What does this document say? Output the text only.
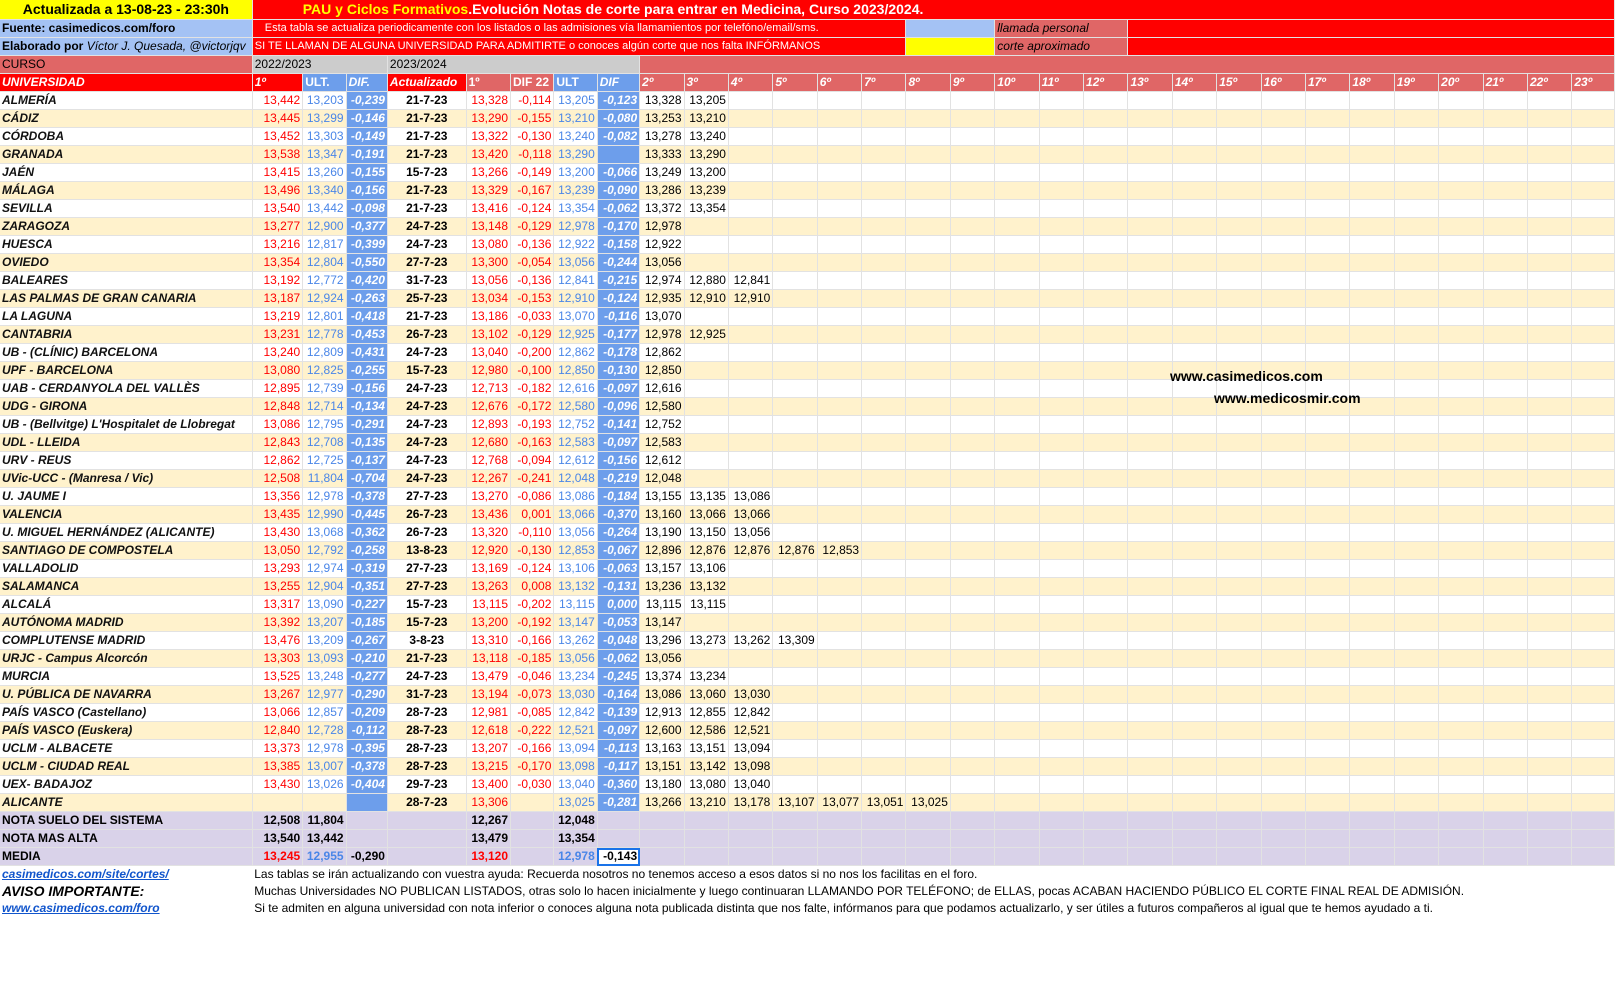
Actualizada a 13-08-23 - 23:30h	PAU y Ciclos Formativos.Evolución Notas de corte para entrar en Medicina, Curso 2023/2024.																													
Fuente: casimedicos.com/foro	Esta tabla se actualiza periodicamente con los listados o las admisiones vía llamamientos por telefóno/email/sms.																llamada personal													
Elaborado por Víctor J. Quesada, @victorjqv	SI TE LLAMAN DE ALGUNA UNIVERSIDAD PARA ADMITIRTE o conoces algún corte que nos falta INFÓRMANOS																corte aproximado													
CURSO	2022/2023			2023/2024																										
UNIVERSIDAD	1º	ULT.	DIF.	Actualizado	1º	DIF 22	ULT	DIF	2º	3º	4º	5º	6º	7º	8º	9º	10º	11º	12º	13º	14º	15º	16º	17º	18º	19º	20º	21º	22º	23º
ALMERÍA	13,442	13,203	-0,239	21-7-23	13,328	-0,114	13,205	-0,123	13,328	13,205																				
CÁDIZ	13,445	13,299	-0,146	21-7-23	13,290	-0,155	13,210	-0,080	13,253	13,210																				
CÓRDOBA	13,452	13,303	-0,149	21-7-23	13,322	-0,130	13,240	-0,082	13,278	13,240																				
GRANADA	13,538	13,347	-0,191	21-7-23	13,420	-0,118	13,290		13,333	13,290																				
JAÉN	13,415	13,260	-0,155	15-7-23	13,266	-0,149	13,200	-0,066	13,249	13,200																				
MÁLAGA	13,496	13,340	-0,156	21-7-23	13,329	-0,167	13,239	-0,090	13,286	13,239																				
SEVILLA	13,540	13,442	-0,098	21-7-23	13,416	-0,124	13,354	-0,062	13,372	13,354																				
ZARAGOZA	13,277	12,900	-0,377	24-7-23	13,148	-0,129	12,978	-0,170	12,978																					
HUESCA	13,216	12,817	-0,399	24-7-23	13,080	-0,136	12,922	-0,158	12,922																					
OVIEDO	13,354	12,804	-0,550	27-7-23	13,300	-0,054	13,056	-0,244	13,056																					
BALEARES	13,192	12,772	-0,420	31-7-23	13,056	-0,136	12,841	-0,215	12,974	12,880	12,841																			
LAS PALMAS DE GRAN CANARIA	13,187	12,924	-0,263	25-7-23	13,034	-0,153	12,910	-0,124	12,935	12,910	12,910																			
LA LAGUNA	13,219	12,801	-0,418	21-7-23	13,186	-0,033	13,070	-0,116	13,070																					
CANTABRIA	13,231	12,778	-0,453	26-7-23	13,102	-0,129	12,925	-0,177	12,978	12,925																				
UB - (CLÍNIC) BARCELONA	13,240	12,809	-0,431	24-7-23	13,040	-0,200	12,862	-0,178	12,862																					
UPF - BARCELONA	13,080	12,825	-0,255	15-7-23	12,980	-0,100	12,850	-0,130	12,850																					
UAB - CERDANYOLA DEL VALLÈS	12,895	12,739	-0,156	24-7-23	12,713	-0,182	12,616	-0,097	12,616																					
UDG - GIRONA	12,848	12,714	-0,134	24-7-23	12,676	-0,172	12,580	-0,096	12,580																					
UB - (Bellvitge) L'Hospitalet de Llobregat	13,086	12,795	-0,291	24-7-23	12,893	-0,193	12,752	-0,141	12,752																					
UDL - LLEIDA	12,843	12,708	-0,135	24-7-23	12,680	-0,163	12,583	-0,097	12,583																					
URV - REUS	12,862	12,725	-0,137	24-7-23	12,768	-0,094	12,612	-0,156	12,612																					
UVic-UCC - (Manresa / Vic)	12,508	11,804	-0,704	24-7-23	12,267	-0,241	12,048	-0,219	12,048																					
U. JAUME I	13,356	12,978	-0,378	27-7-23	13,270	-0,086	13,086	-0,184	13,155	13,135	13,086																			
VALENCIA	13,435	12,990	-0,445	26-7-23	13,436	0,001	13,066	-0,370	13,160	13,066	13,066																			
U. MIGUEL HERNÁNDEZ (ALICANTE)	13,430	13,068	-0,362	26-7-23	13,320	-0,110	13,056	-0,264	13,190	13,150	13,056																			
SANTIAGO DE COMPOSTELA	13,050	12,792	-0,258	13-8-23	12,920	-0,130	12,853	-0,067	12,896	12,876	12,876	12,876	12,853																	
VALLADOLID	13,293	12,974	-0,319	27-7-23	13,169	-0,124	13,106	-0,063	13,157	13,106																				
SALAMANCA	13,255	12,904	-0,351	27-7-23	13,263	0,008	13,132	-0,131	13,236	13,132																				
ALCALÁ	13,317	13,090	-0,227	15-7-23	13,115	-0,202	13,115	0,000	13,115	13,115																				
AUTÓNOMA MADRID	13,392	13,207	-0,185	15-7-23	13,200	-0,192	13,147	-0,053	13,147																					
COMPLUTENSE MADRID	13,476	13,209	-0,267	3-8-23	13,310	-0,166	13,262	-0,048	13,296	13,273	13,262	13,309																		
URJC - Campus Alcorcón	13,303	13,093	-0,210	21-7-23	13,118	-0,185	13,056	-0,062	13,056																					
MURCIA	13,525	13,248	-0,277	24-7-23	13,479	-0,046	13,234	-0,245	13,374	13,234																				
U. PÚBLICA DE NAVARRA	13,267	12,977	-0,290	31-7-23	13,194	-0,073	13,030	-0,164	13,086	13,060	13,030																			
PAÍS VASCO (Castellano)	13,066	12,857	-0,209	28-7-23	12,981	-0,085	12,842	-0,139	12,913	12,855	12,842																			
PAÍS VASCO (Euskera)	12,840	12,728	-0,112	28-7-23	12,618	-0,222	12,521	-0,097	12,600	12,586	12,521																			
UCLM - ALBACETE	13,373	12,978	-0,395	28-7-23	13,207	-0,166	13,094	-0,113	13,163	13,151	13,094																			
UCLM - CIUDAD REAL	13,385	13,007	-0,378	28-7-23	13,215	-0,170	13,098	-0,117	13,151	13,142	13,098																			
UEX- BADAJOZ	13,430	13,026	-0,404	29-7-23	13,400	-0,030	13,040	-0,360	13,180	13,080	13,040																			
ALICANTE				28-7-23	13,306		13,025	-0,281	13,266	13,210	13,178	13,107	13,077	13,051	13,025															
NOTA SUELO DEL SISTEMA	12,508	11,804			12,267		12,048																							
NOTA MAS ALTA	13,540	13,442			13,479		13,354																							
MEDIA	13,245	12,955	-0,290		13,120		12,978	-0,143																						
casimedicos.com/site/cortes/	Las tablas se irán actualizando con vuestra ayuda: Recuerda nosotros no tenemos acceso a esos datos si no nos los facilitas en el foro.																													
AVISO IMPORTANTE:	Muchas Universidades NO PUBLICAN LISTADOS, otras solo lo hacen inicialmente y luego continuaran LLAMANDO POR TELÉFONO; de ELLAS, pocas ACABAN HACIENDO PÚBLICO EL CORTE FINAL REAL DE ADMISIÓN.																													
www.casimedicos.com/foro	Si te admiten en alguna universidad con nota inferior o conoces alguna nota publicada distinta que nos falte, infórmanos para que podamos actualizarlo, y ser útiles a futuros compañeros al igual que te hemos ayudado a ti.																													
www.casimedicos.com
www.medicosmir.com
